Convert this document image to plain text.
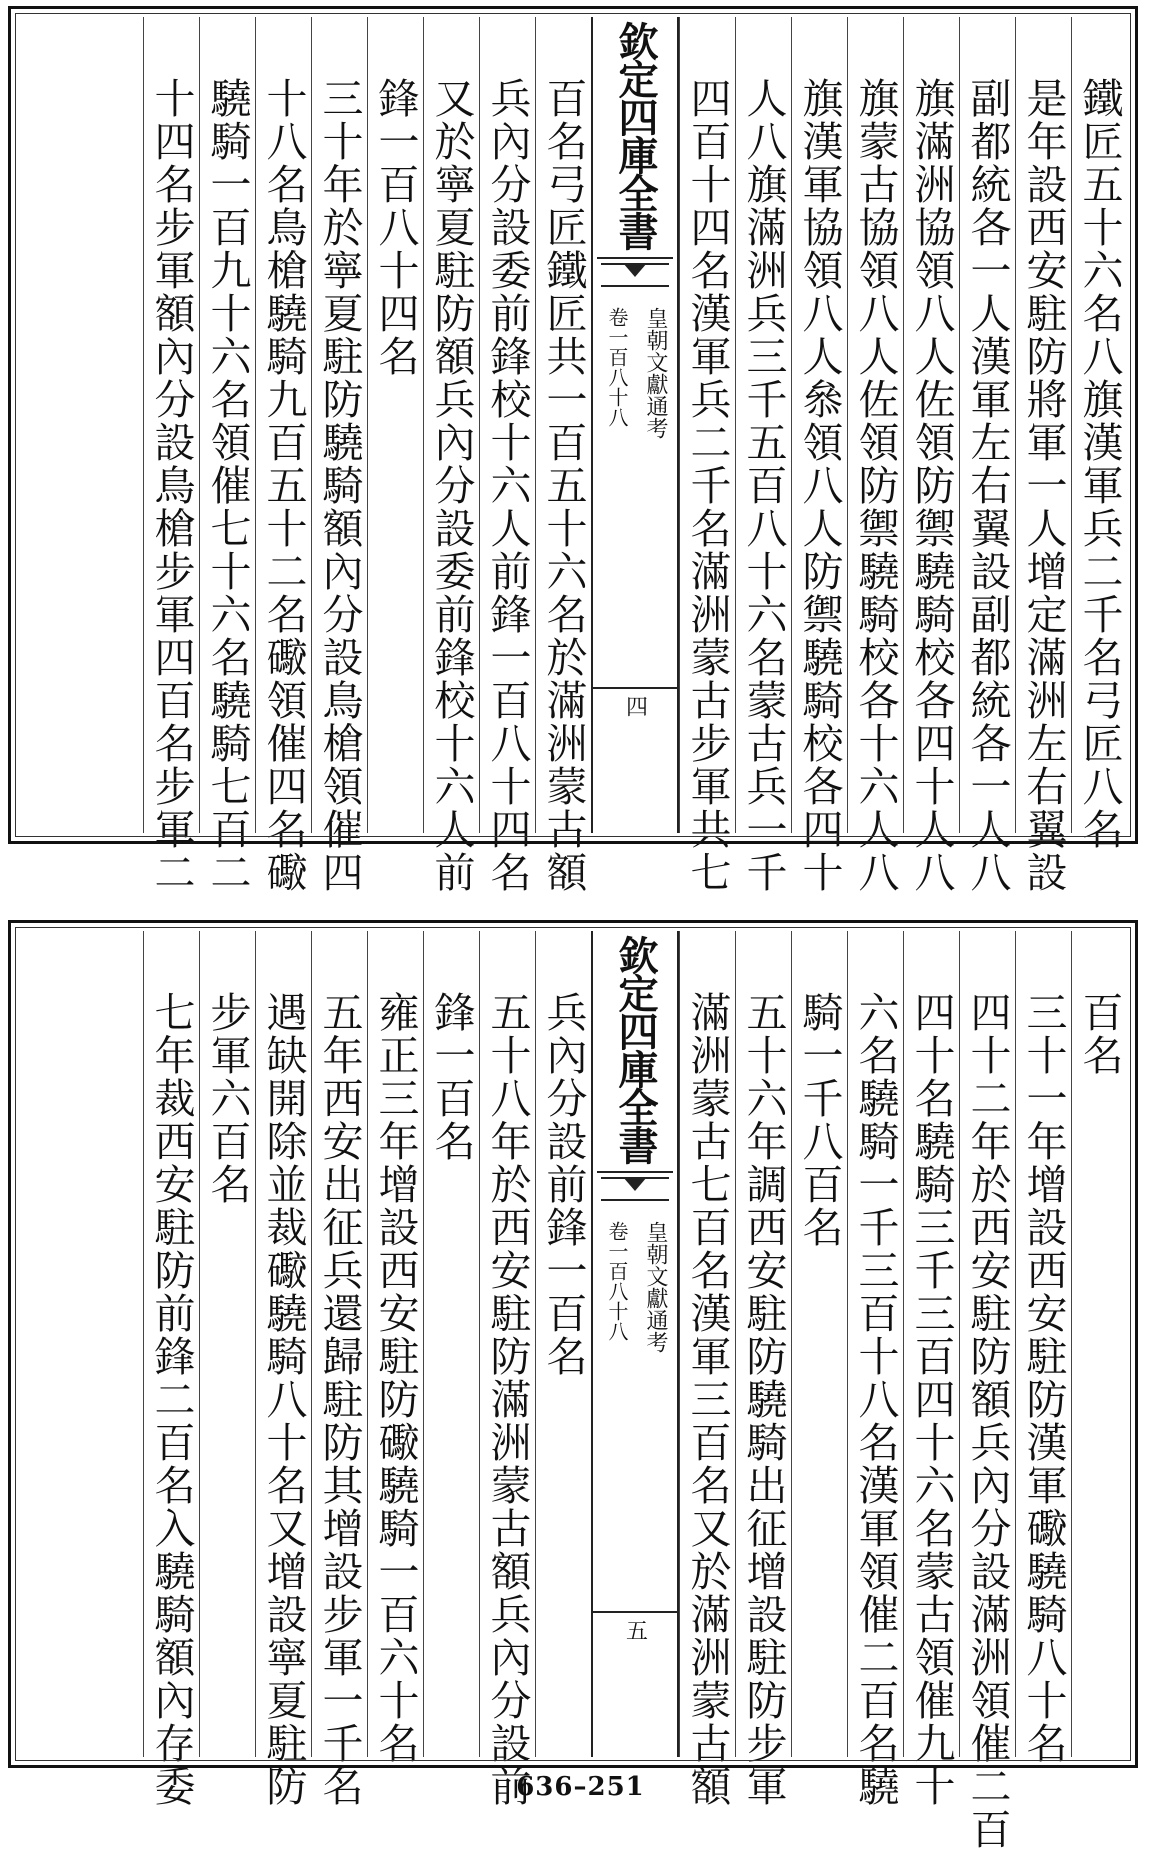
鐵匠五十六名八旗漢軍兵二千名弓匠八名
是年設西安駐防將軍一人增定滿洲左右翼設
副都統各一人漢軍左右翼設副都統各一人八
旗滿洲協領八人佐領防禦驍騎校各四十人八
旗蒙古協領八人佐領防禦驍騎校各十六人八
旗漢軍協領八人叅領八人防禦驍騎校各四十
人八旗滿洲兵三千五百八十六名蒙古兵一千
四百十四名漢軍兵二千名滿洲蒙古步軍共七
欽定四庫全書
皇朝文獻通考
卷一百八十八
四
百名弓匠鐵匠共一百五十六名於滿洲蒙古額
兵內分設委前鋒校十六人前鋒一百八十四名
又於寧夏駐防額兵內分設委前鋒校十六人前
鋒一百八十四名
三十年於寧夏駐防驍騎額內分設鳥槍領催四
十八名鳥槍驍騎九百五十二名礮領催四名礮
驍騎一百九十六名領催七十六名驍騎七百二
十四名步軍額內分設鳥槍步軍四百名步軍二
百名
三十一年增設西安駐防漢軍礮驍騎八十名
四十二年於西安駐防額兵內分設滿洲領催二百
四十名驍騎三千三百四十六名蒙古領催九十
六名驍騎一千三百十八名漢軍領催二百名驍
騎一千八百名
五十六年調西安駐防驍騎出征增設駐防步軍
滿洲蒙古七百名漢軍三百名又於滿洲蒙古額
欽定四庫全書
皇朝文獻通考
卷一百八十八
五
兵內分設前鋒一百名
五十八年於西安駐防滿洲蒙古額兵內分設前
鋒一百名
雍正三年增設西安駐防礮驍騎一百六十名
五年西安出征兵還歸駐防其增設步軍一千名
遇缺開除並裁礮驍騎八十名又增設寧夏駐防
步軍六百名
七年裁西安駐防前鋒二百名入驍騎額內存委	636–251
